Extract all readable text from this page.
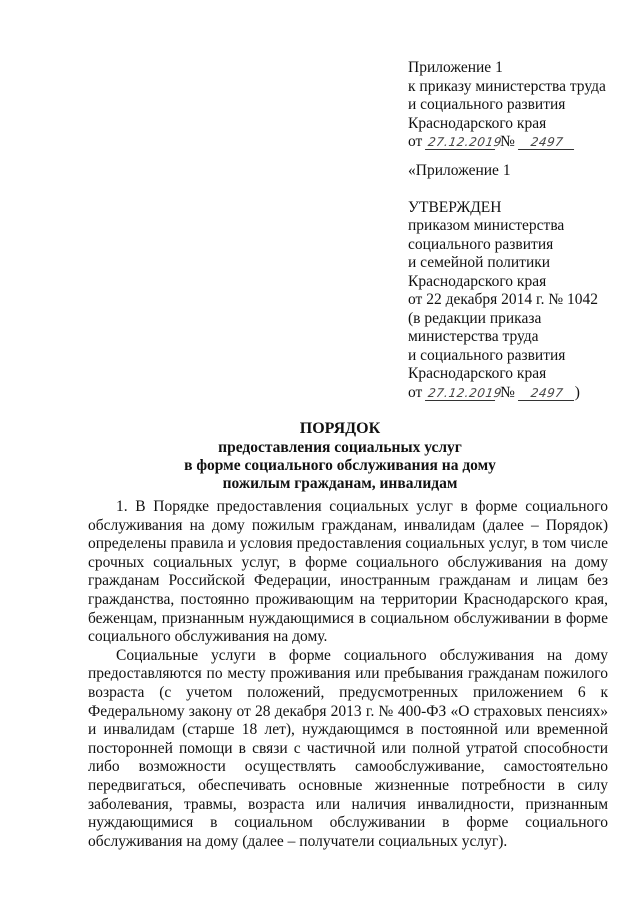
Приложение 1
к приказу министерства труда
и социального развития
Краснодарского края
от 27.12.2019 № 2497
«Приложение 1
УТВЕРЖДЕН
приказом министерства
социального развития
и семейной политики
Краснодарского края
от 22 декабря 2014 г. № 1042
(в редакции приказа
министерства труда
и социального развития
Краснодарского края
от 27.12.2019 № 2497 )
ПОРЯДОК
предоставления социальных услуг
в форме социального обслуживания на дому
пожилым гражданам, инвалидам

1. В Порядке предоставления социальных услуг в форме социального обслуживания на дому пожилым гражданам, инвалидам (далее – Порядок) определены правила и условия предоставления социальных услуг, в том числе срочных социальных услуг, в форме социального обслуживания на дому гражданам Российской Федерации, иностранным гражданам и лицам без гражданства, постоянно проживающим на территории Краснодарского края, беженцам, признанным нуждающимися в социальном обслуживании в форме социального обслуживания на дому.

Социальные услуги в форме социального обслуживания на дому предоставляются по месту проживания или пребывания гражданам пожилого возраста (с учетом положений, предусмотренных приложением 6 к Федеральному закону от 28 декабря 2013 г. № 400-ФЗ «О страховых пенсиях» и инвалидам (старше 18 лет), нуждающимся в постоянной или временной посторонней помощи в связи с частичной или полной утратой способности либо возможности осуществлять самообслуживание, самостоятельно передвигаться, обеспечивать основные жизненные потребности в силу заболевания, травмы, возраста или наличия инвалидности, признанным нуждающимися в социальном обслуживании в форме социального обслуживания на дому (далее – получатели социальных услуг).
